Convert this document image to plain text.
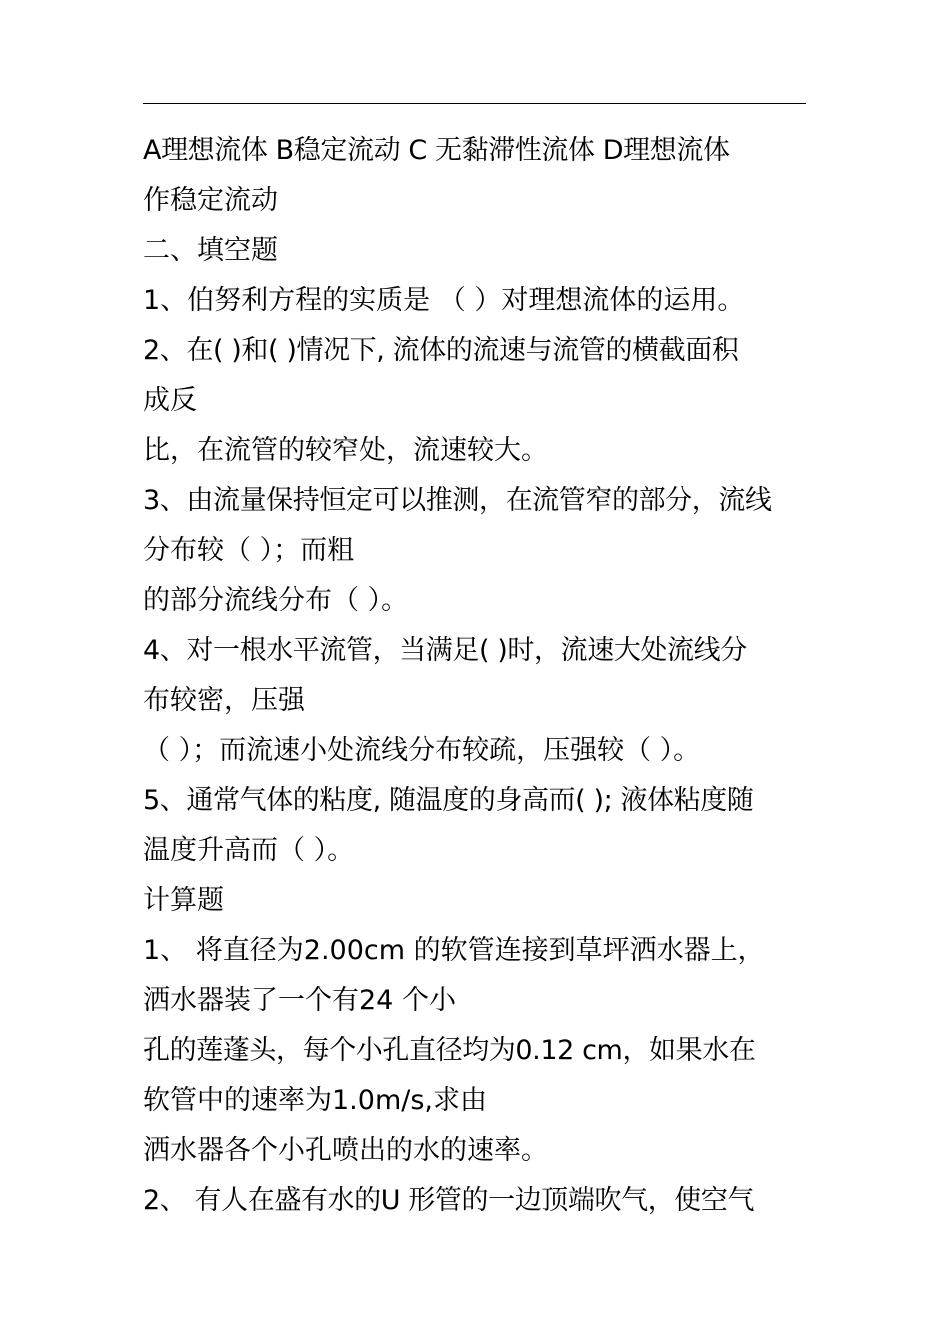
A理想流体 B稳定流动 C 无黏滞性流体 D理想流体
作稳定流动
二、填空题
1、伯努利方程的实质是 （ ）对理想流体的运用。
2、在( )和( )情况下, 流体的流速与流管的横截面积
成反
比，在流管的较窄处，流速较大。
3、由流量保持恒定可以推测，在流管窄的部分，流线
分布较（ ）；而粗
的部分流线分布（ ）。
4、对一根水平流管，当满足( )时，流速大处流线分
布较密，压强
（ ）；而流速小处流线分布较疏，压强较（ ）。
5、通常气体的粘度, 随温度的身高而( ); 液体粘度随
温度升高而（ ）。
计算题
1、 将直径为2.00cm 的软管连接到草坪洒水器上，
洒水器装了一个有24 个小
孔的莲蓬头，每个小孔直径均为0.12 cm，如果水在
软管中的速率为1.0m/s,求由
洒水器各个小孔喷出的水的速率。
2、 有人在盛有水的U 形管的一边顶端吹气，使空气
